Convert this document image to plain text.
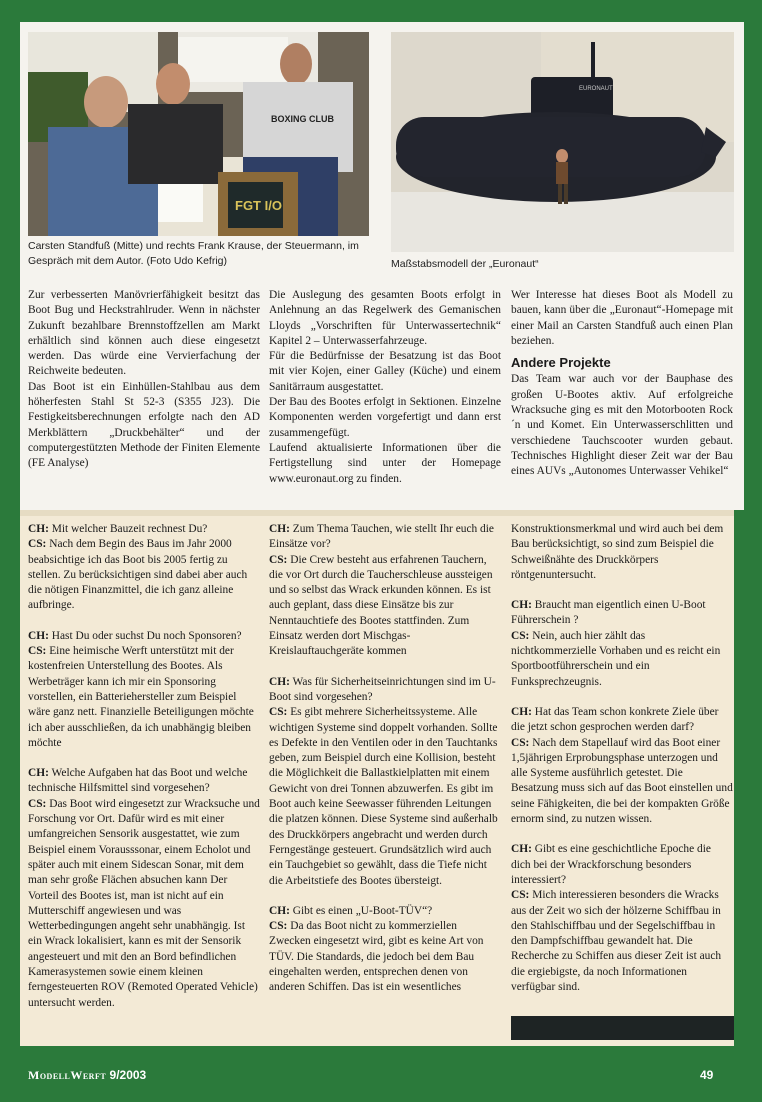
BOXING CLUB
FGT I/O
Carsten Standfuß (Mitte) und rechts Frank Krause, der Steuermann, im Gespräch mit dem Autor. (Foto Udo Kefrig)
EURONAUT
Maßstabsmodell der „Euronaut“

Zur verbesserten Manövrierfähigkeit besitzt das Boot Bug und Heckstrahlruder. Wenn in nächster Zukunft bezahlbare Brennstoffzellen am Markt erhältlich sind können auch diese eingesetzt werden. Das würde eine Vervierfachung der Reichweite bedeuten.

Das Boot ist ein Einhüllen-Stahlbau aus dem höherfesten Stahl St 52-3 (S355 J23). Die Festigkeitsberechnungen erfolgte nach den AD Merkblättern „Druckbehälter“ und der computergestützten Methode der Finiten Elemente (FE Analyse)

Die Auslegung des gesamten Boots erfolgt in Anlehnung an das Regelwerk des Gemanischen Lloyds „Vorschriften für Unterwassertechnik“ Kapitel 2 – Unterwasserfahrzeuge.

Für die Bedürfnisse der Besatzung ist das Boot mit vier Kojen, einer Galley (Küche) und einem Sanitärraum ausgestattet.

Der Bau des Bootes erfolgt in Sektionen. Einzelne Komponenten werden vorgefertigt und dann erst zusammengefügt.

Laufend aktualisierte Informationen über die Fertigstellung sind unter der Homepage www.euronaut.org zu finden.

Wer Interesse hat dieses Boot als Modell zu bauen, kann über die „Euronaut“-Homepage mit einer Mail an Carsten Standfuß auch einen Plan beziehen.

Andere Projekte

Das Team war auch vor der Bauphase des großen U-Bootes aktiv. Auf erfolgreiche Wracksuche ging es mit den Motorbooten Rock´n und Komet. Ein Unterwasserschlitten und verschiedene Tauchscooter wurden gebaut. Technisches Highlight dieser Zeit war der Bau eines AUVs „Autonomes Unterwasser Vehikel“

CH: Mit welcher Bauzeit rechnest Du?
CS: Nach dem Begin des Baus im Jahr 2000 beabsichtige ich das Boot bis 2005 fertig zu stellen. Zu berücksichtigen sind dabei aber auch die nötigen Finanzmittel, die ich ganz alleine aufbringe.

CH: Hast Du oder suchst Du noch Sponsoren?
CS: Eine heimische Werft unterstützt mit der kostenfreien Unterstellung des Bootes. Als Werbeträger kann ich mir ein Sponsoring vorstellen, ein Batteriehersteller zum Beispiel wäre ganz nett. Finanzielle Beteiligungen möchte ich aber ausschließen, da ich unabhängig bleiben möchte

CH: Welche Aufgaben hat das Boot und welche technische Hilfsmittel sind vorgesehen?
CS: Das Boot wird eingesetzt zur Wracksuche und Forschung vor Ort. Dafür wird es mit einer umfangreichen Sensorik ausgestattet, wie zum Beispiel einem Vorausssonar, einem Echolot und später auch mit einem Sidescan Sonar, mit dem man sehr große Flächen absuchen kann Der Vorteil des Bootes ist, man ist nicht auf ein Mutterschiff angewiesen und was Wetterbedingungen angeht sehr unabhängig. Ist ein Wrack lokalisiert, kann es mit der Sensorik angesteuert und mit den an Bord befindlichen Kamerasystemen sowie einem kleinen ferngesteuerten ROV (Remoted Operated Vehicle) untersucht werden.

CH: Zum Thema Tauchen, wie stellt Ihr euch die Einsätze vor?
CS: Die Crew besteht aus erfahrenen Tauchern, die vor Ort durch die Taucherschleuse aussteigen und so selbst das Wrack erkunden können. Es ist auch geplant, dass diese Einsätze bis zur Nenntauchtiefe des Bootes stattfinden. Zum Einsatz werden dort Mischgas-Kreislauftauchgeräte kommen

CH: Was für Sicherheitseinrichtungen sind im U-Boot sind vorgesehen?
CS: Es gibt mehrere Sicherheitssysteme. Alle wichtigen Systeme sind doppelt vorhanden. Sollte es Defekte in den Ventilen oder in den Tauchtanks geben, zum Beispiel durch eine Kollision, besteht die Möglichkeit die Ballastkielplatten mit einem Gewicht von drei Tonnen abzuwerfen. Es gibt im Boot auch keine Seewasser führenden Leitungen die platzen können. Diese Systeme sind außerhalb des Druckkörpers angebracht und werden durch Ferngestänge gesteuert. Grundsätzlich wird auch ein Tauchgebiet so gewählt, dass die Tiefe nicht die Arbeitstiefe des Bootes übersteigt.

CH: Gibt es einen „U-Boot-TÜV“?
CS: Da das Boot nicht zu kommerziellen Zwecken eingesetzt wird, gibt es keine Art von TÜV. Die Standards, die jedoch bei dem Bau eingehalten werden, entsprechen denen von anderen Schiffen. Das ist ein wesentliches

Konstruktionsmerkmal und wird auch bei dem Bau berücksichtigt, so sind zum Beispiel die Schweißnähte des Druckkörpers röntgenuntersucht.

CH: Braucht man eigentlich einen U-Boot Führerschein ?
CS: Nein, auch hier zählt das nichtkommerzielle Vorhaben und es reicht ein Sportbootführerschein und ein Funksprechzeugnis.

CH: Hat das Team schon konkrete Ziele über die jetzt schon gesprochen werden darf?
CS: Nach dem Stapellauf wird das Boot einer 1,5jährigen Erprobungsphase unterzogen und alle Systeme ausführlich getestet. Die Besatzung muss sich auf das Boot einstellen und seine Fähigkeiten, die bei der kompakten Größe ernorm sind, zu nutzen wissen.

CH: Gibt es eine geschichtliche Epoche die dich bei der Wrackforschung besonders interessiert?
CS: Mich interessieren besonders die Wracks aus der Zeit wo sich der hölzerne Schiffbau in den Stahlschiffbau und der Segelschiffbau in den Dampfschiffbau gewandelt hat. Die Recherche zu Schiffen aus dieser Zeit ist auch die ergiebigste, da noch Informationen verfügbar sind.

ModellWerft 9/2003	49
